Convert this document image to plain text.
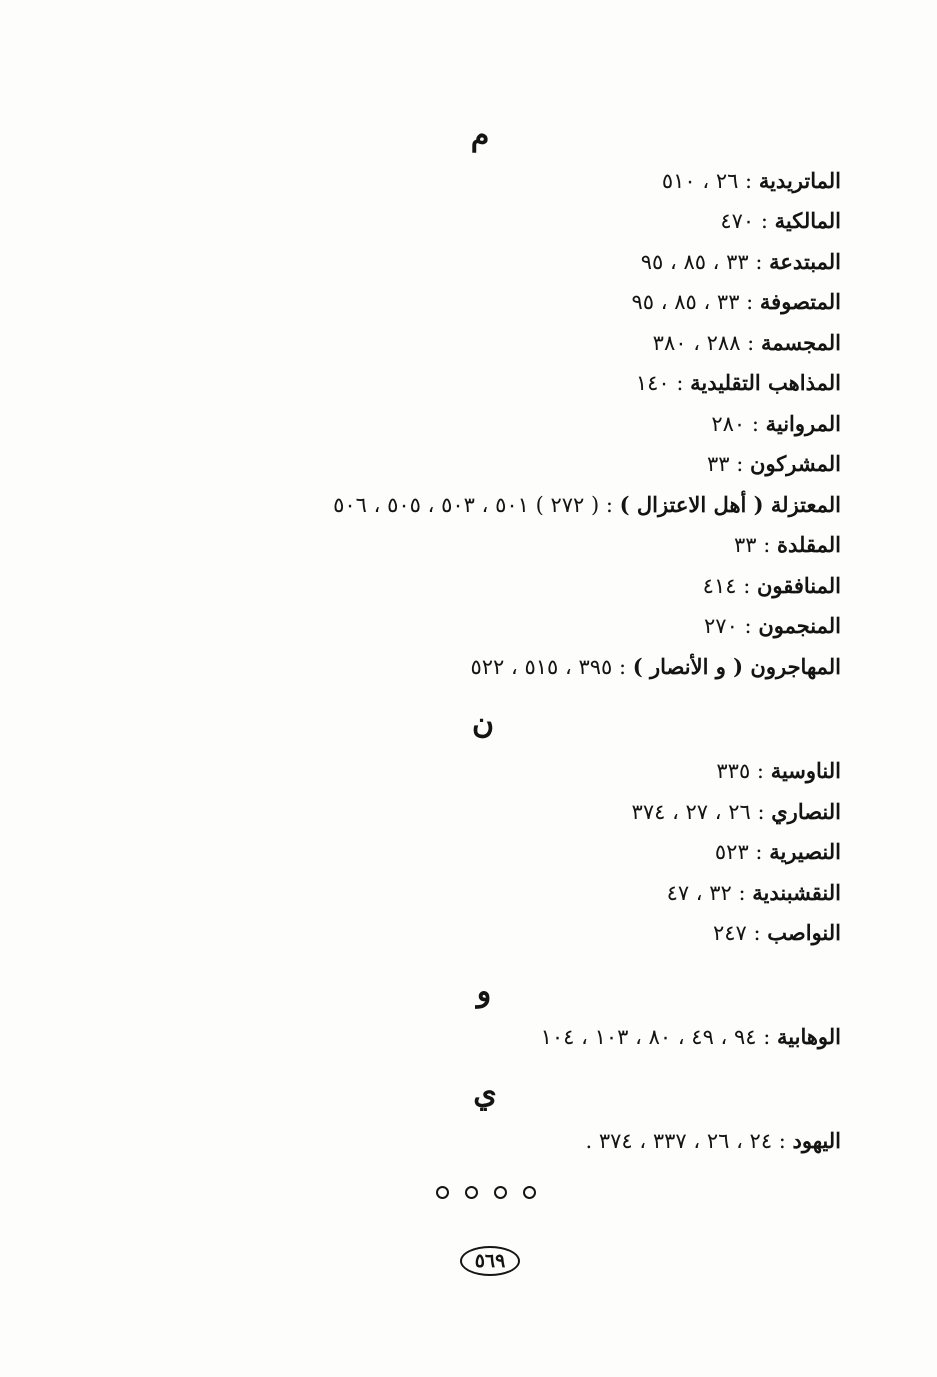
م
الماتريدية : ٢٦ ، ٥١٠
المالكية : ٤٧٠
المبتدعة : ٣٣ ، ٨٥ ، ٩٥
المتصوفة : ٣٣ ، ٨٥ ، ٩٥
المجسمة : ٢٨٨ ، ٣٨٠
المذاهب التقليدية : ١٤٠
المروانية : ٢٨٠
المشركون : ٣٣
المعتزلة ( أهل الاعتزال ) : ( ٢٧٢ ) ٥٠١ ، ٥٠٣ ، ٥٠٥ ، ٥٠٦
المقلدة : ٣٣
المنافقون : ٤١٤
المنجمون : ٢٧٠
المهاجرون ( و الأنصار ) : ٣٩٥ ، ٥١٥ ، ٥٢٢
ن
الناوسية : ٣٣٥
النصاري : ٢٦ ، ٢٧ ، ٣٧٤
النصيرية : ٥٢٣
النقشبندية : ٣٢ ، ٤٧
النواصب : ٢٤٧
و
الوهابية : ٩٤ ، ٤٩ ، ٨٠ ، ١٠٣ ، ١٠٤
ي
اليهود : ٢٤ ، ٢٦ ، ٣٣٧ ، ٣٧٤ .
٥٦٩
